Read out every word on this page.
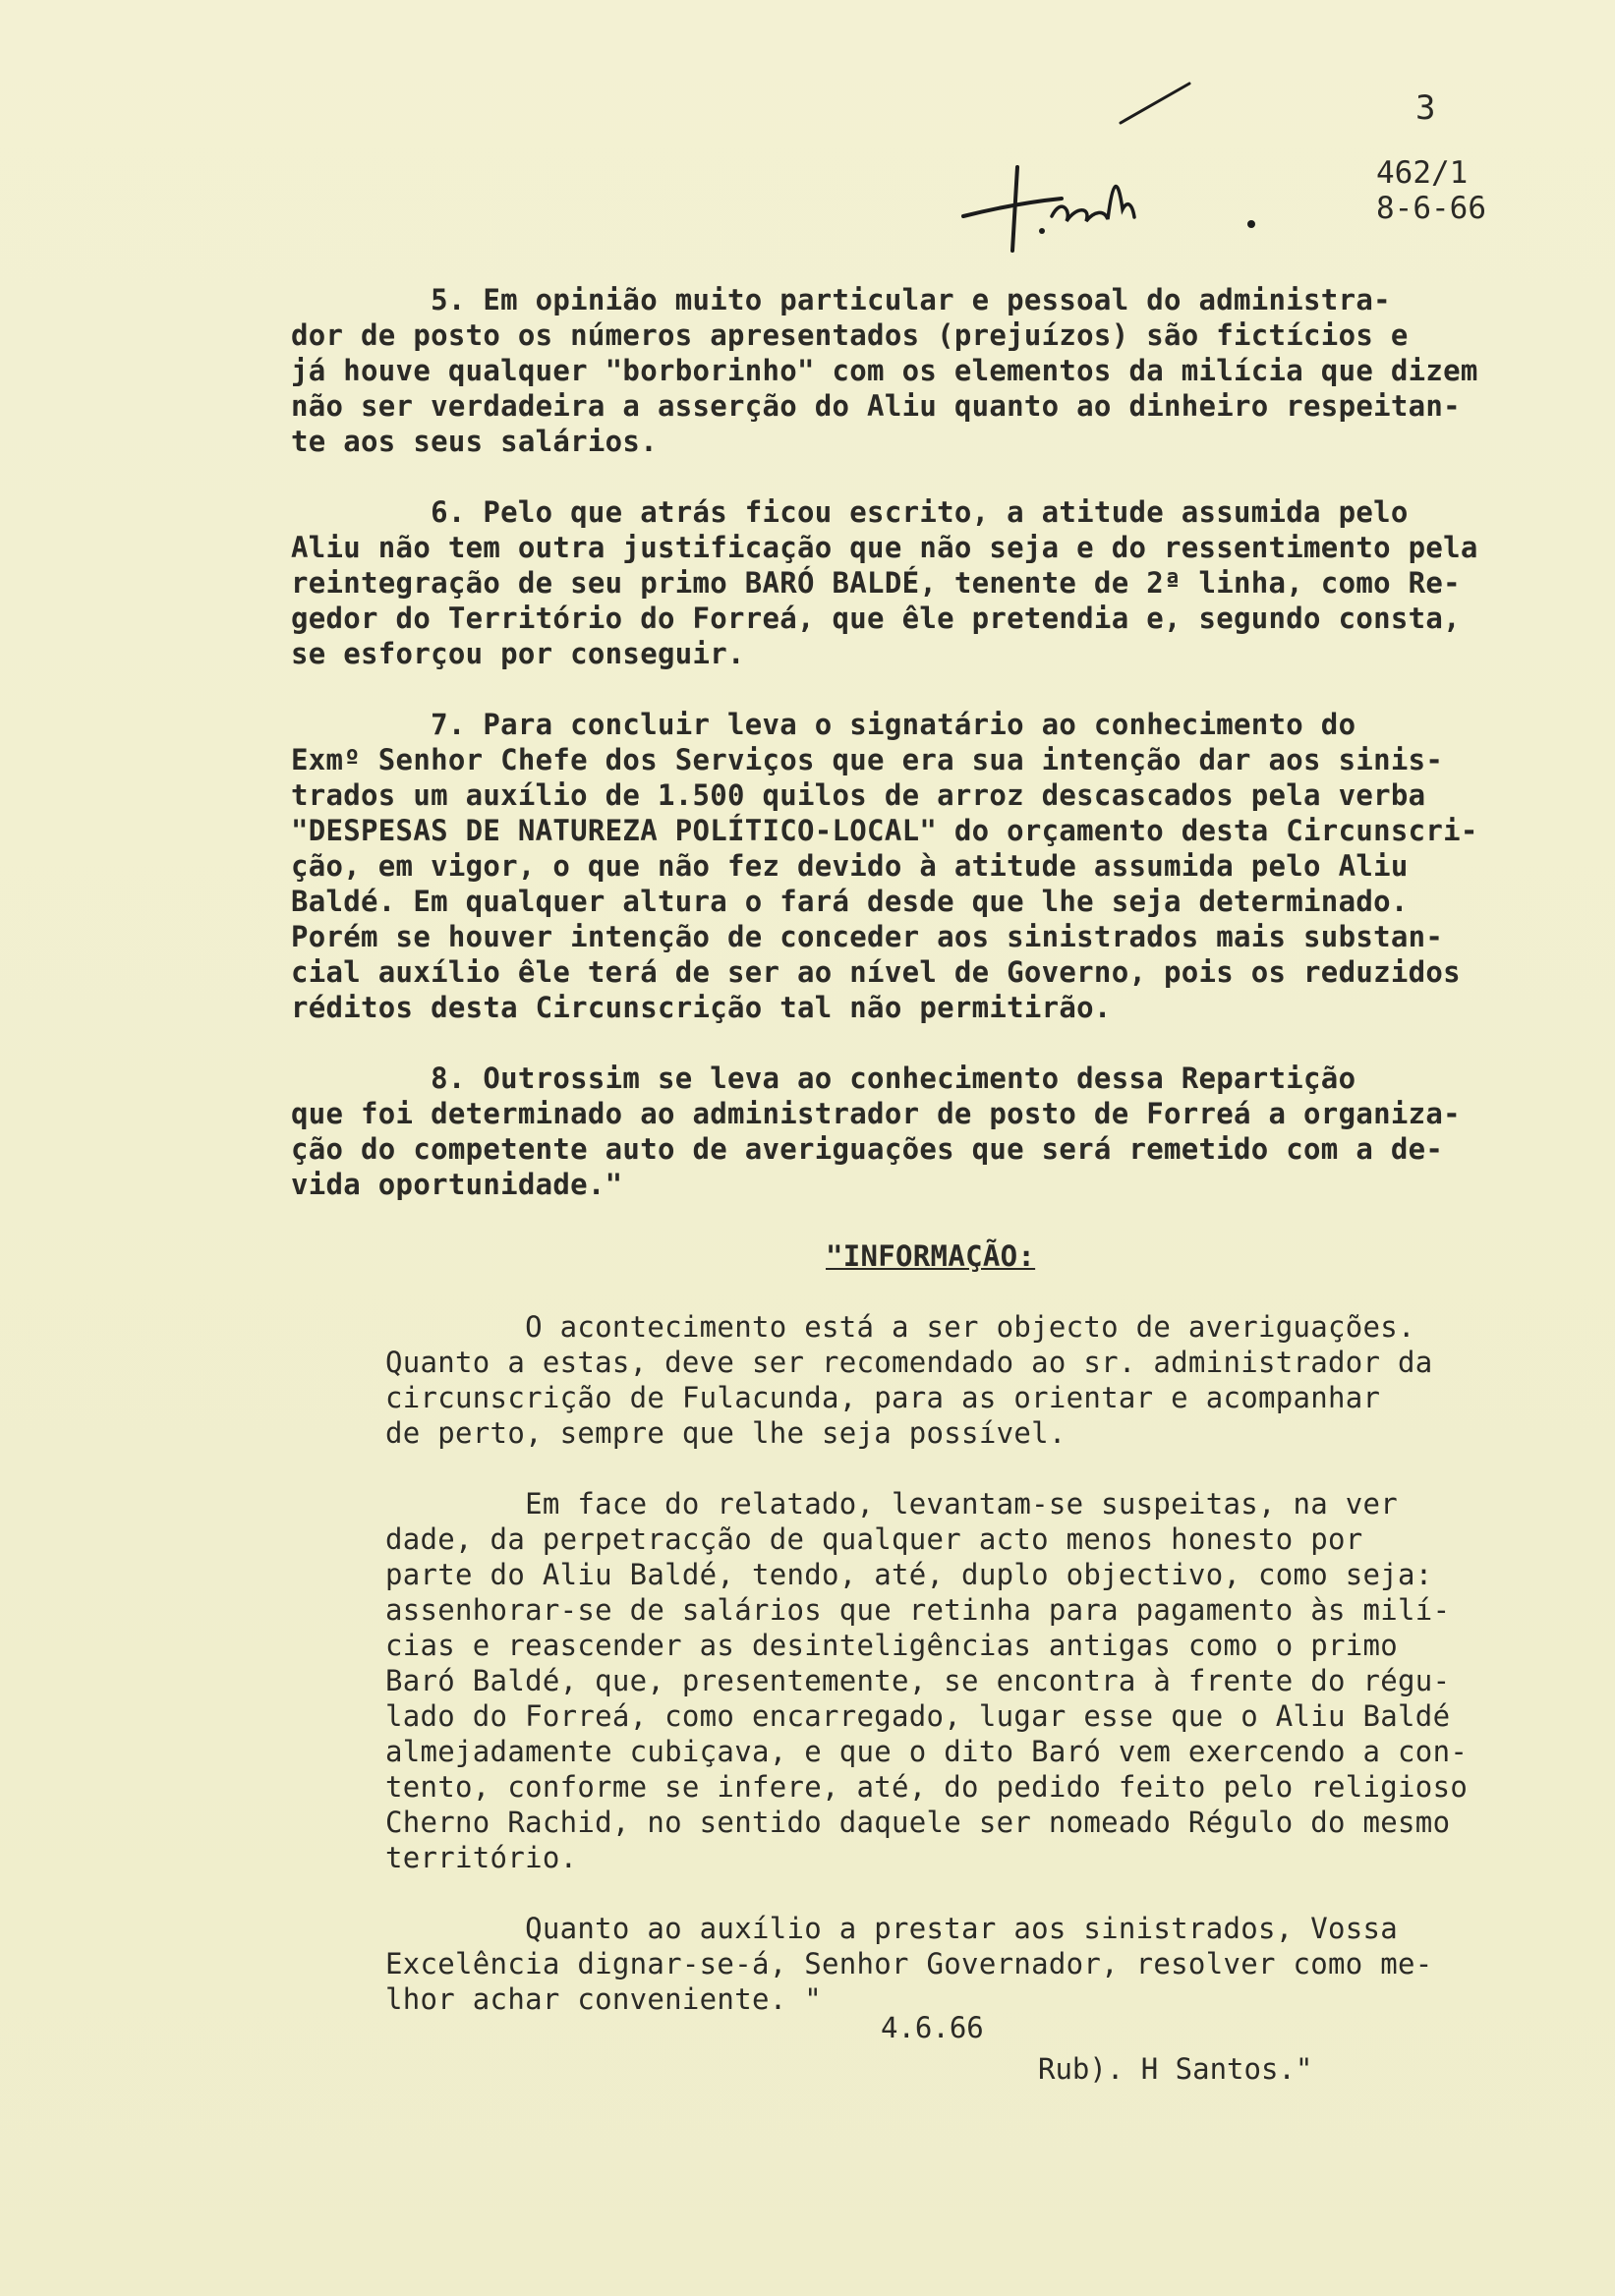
3
462/1
8-6-66

5. Em opinião muito particular e pessoal do administra-
dor de posto os números apresentados (prejuízos) são fictícios e
já houve qualquer "borborinho" com os elementos da milícia que dizem
não ser verdadeira a asserção do Aliu quanto ao dinheiro respeitan-
te aos seus salários.

6. Pelo que atrás ficou escrito, a atitude assumida pelo
Aliu não tem outra justificação que não seja e do ressentimento pela
reintegração de seu primo BARÓ BALDÉ, tenente de 2ª linha, como Re-
gedor do Território do Forreá, que êle pretendia e, segundo consta,
se esforçou por conseguir.

7. Para concluir leva o signatário ao conhecimento do
Exmº Senhor Chefe dos Serviços que era sua intenção dar aos sinis-
trados um auxílio de 1.500 quilos de arroz descascados pela verba
"DESPESAS DE NATUREZA POLÍTICO-LOCAL" do orçamento desta Circunscri-
ção, em vigor, o que não fez devido à atitude assumida pelo Aliu
Baldé. Em qualquer altura o fará desde que lhe seja determinado.
Porém se houver intenção de conceder aos sinistrados mais substan-
cial auxílio êle terá de ser ao nível de Governo, pois os reduzidos
réditos desta Circunscrição tal não permitirão.

8. Outrossim se leva ao conhecimento dessa Repartição
que foi determinado ao administrador de posto de Forreá a organiza-
ção do competente auto de averiguações que será remetido com a de-
vida oportunidade."

"INFORMAÇÃO:

O acontecimento está a ser objecto de averiguações.
Quanto a estas, deve ser recomendado ao sr. administrador da
circunscrição de Fulacunda, para as orientar e acompanhar
de perto, sempre que lhe seja possível.

Em face do relatado, levantam-se suspeitas, na ver
dade, da perpetracção de qualquer acto menos honesto por
parte do Aliu Baldé, tendo, até, duplo objectivo, como seja:
assenhorar-se de salários que retinha para pagamento às milí-
cias e reascender as desinteligências antigas como o primo
Baró Baldé, que, presentemente, se encontra à frente do régu-
lado do Forreá, como encarregado, lugar esse que o Aliu Baldé
almejadamente cubiçava, e que o dito Baró vem exercendo a con-
tento, conforme se infere, até, do pedido feito pelo religioso
Cherno Rachid, no sentido daquele ser nomeado Régulo do mesmo
território.

Quanto ao auxílio a prestar aos sinistrados, Vossa
Excelência dignar-se-á, Senhor Governador, resolver como me-
lhor achar conveniente. "

4.6.66
Rub). H Santos."
